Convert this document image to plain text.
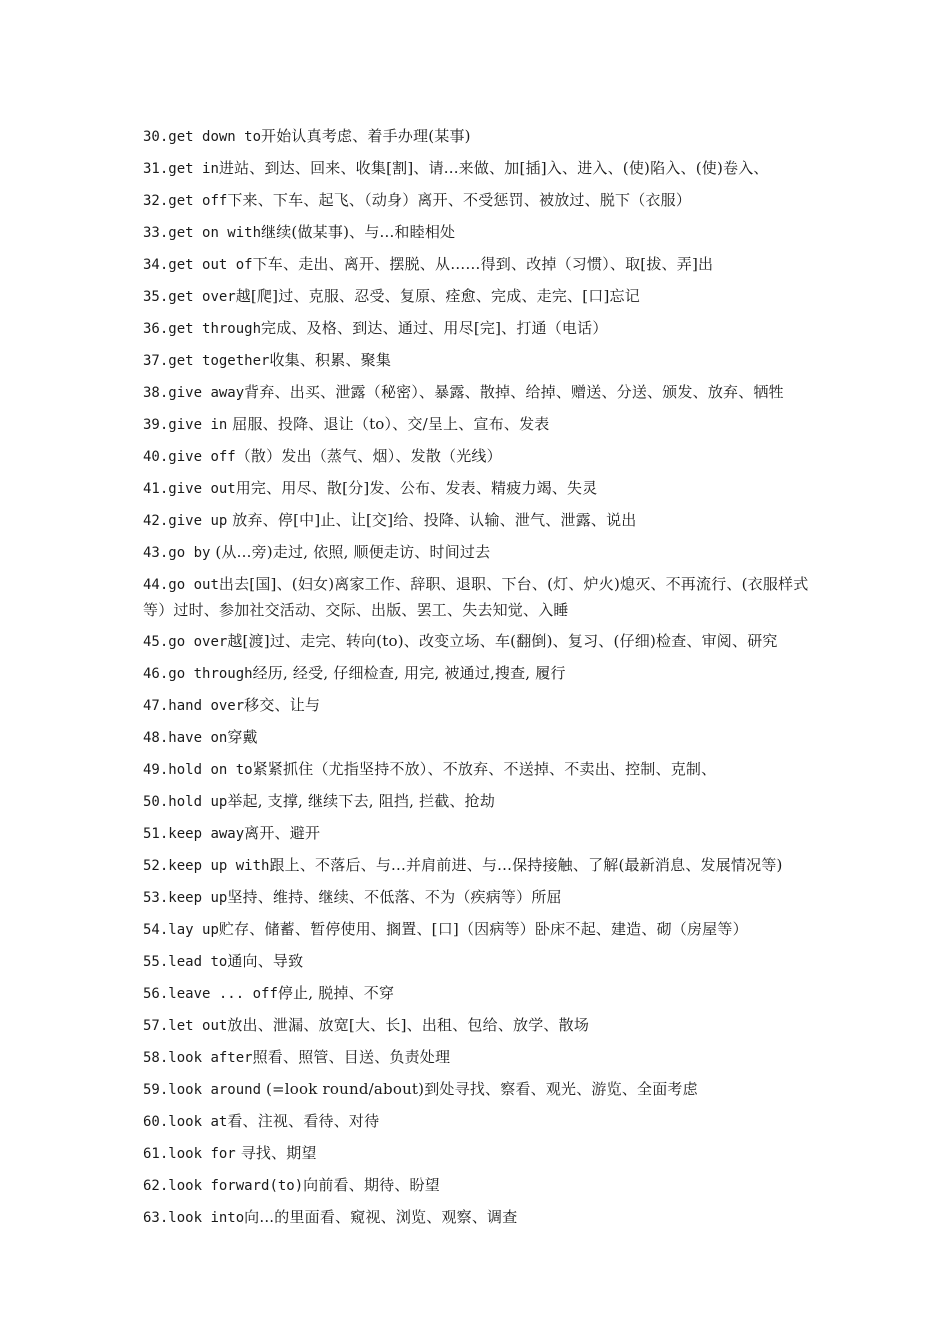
30.get down to开始认真考虑、着手办理(某事)
31.get in进站、到达、回来、收集[割]、请...来做、加[插]入、进入、(使)陷入、(使)卷入、
32.get off下来、下车、起飞、（动身）离开、不受惩罚、被放过、脱下（衣服）
33.get on with继续(做某事)、与...和睦相处
34.get out of下车、走出、离开、摆脱、从……得到、改掉（习惯）、取[拔、弄]出
35.get over越[爬]过、克服、忍受、复原、痊愈、完成、走完、[口]忘记
36.get through完成、及格、到达、通过、用尽[完]、打通（电话）
37.get together收集、积累、聚集
38.give away背弃、出买、泄露（秘密）、暴露、散掉、给掉、赠送、分送、颁发、放弃、牺牲
39.give in 屈服、投降、退让（to）、交/呈上、宣布、发表
40.give off（散）发出（蒸气、烟）、发散（光线）
41.give out用完、用尽、散[分]发、公布、发表、精疲力竭、失灵
42.give up 放弃、停[中]止、让[交]给、投降、认输、泄气、泄露、说出
43.go by (从...旁)走过, 依照, 顺便走访、时间过去
44.go out出去[国]、(妇女)离家工作、辞职、退职、下台、(灯、炉火)熄灭、不再流行、(衣服样式等）过时、参加社交活动、交际、出版、罢工、失去知觉、入睡
45.go over越[渡]过、走完、转向(to)、改变立场、车(翻倒)、复习、(仔细)检查、审阅、研究
46.go through经历, 经受, 仔细检查, 用完, 被通过,搜查, 履行
47.hand over移交、让与
48.have on穿戴
49.hold on to紧紧抓住（尤指坚持不放）、不放弃、不送掉、不卖出、控制、克制、
50.hold up举起, 支撑, 继续下去, 阻挡, 拦截、抢劫
51.keep away离开、避开
52.keep up with跟上、不落后、与...并肩前进、与...保持接触、了解(最新消息、发展情况等)
53.keep up坚持、维持、继续、不低落、不为（疾病等）所屈
54.lay up贮存、储蓄、暂停使用、搁置、[口]（因病等）卧床不起、建造、砌（房屋等）
55.lead to通向、导致
56.leave ... off停止, 脱掉、不穿
57.let out放出、泄漏、放宽[大、长]、出租、包给、放学、散场
58.look after照看、照管、目送、负责处理
59.look around (=look round/about)到处寻找、察看、观光、游览、全面考虑
60.look at看、注视、看待、对待
61.look for 寻找、期望
62.look forward(to)向前看、期待、盼望
63.look into向...的里面看、窥视、浏览、观察、调查
